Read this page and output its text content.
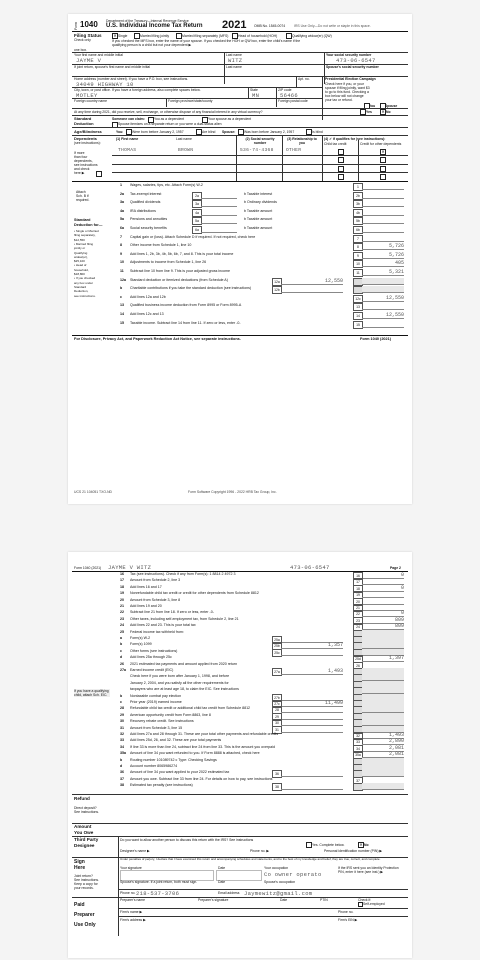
Form 1040 Department of the Treasury—Internal Revenue Service
U.S. Individual Income Tax Return 2021 OMB No. 1545-0074	IRS Use Only—Do not write or staple in this space.
Filing Status
Check only
one box.
✕ Single	Married filing jointly	Married filing separately (MFS)	Head of household (HOH)	Qualifying widow(er) (QW)
If you checked the MFS box, enter the name of your spouse. If you checked the HOH or QW box, enter the child's name if the
qualifying person is a child but not your dependent ▶
Your first name and middle initial	Last name	Your social security number
JAYME V	WITZ	473-06-6547
If joint return, spouse's first name and middle initial	Last name	Spouse's social security number
Home address (number and street). If you have a P.O. box, see instructions.	Apt. no.
34049 HIGHWAY 10
City, town, or post office. If you have a foreign address, also complete spaces below.	State	ZIP code
MOTLEY	MN	56466
Foreign country name	Foreign province/state/county	Foreign postal code
Presidential Election Campaign
Check here if you, or your
spouse if filing jointly, want $3
to go to this fund. Checking a
box below will not change
your tax or refund.
You	Spouse
At any time during 2021, did you receive, sell, exchange, or otherwise dispose of any financial interest in any virtual currency?	Yes	✕ No
Standard
Deduction
Someone can claim:	You as a dependent	Your spouse as a dependent
Spouse itemizes on a separate return or you were a dual-status alien
Age/Blindness	You:	Were born before January 2, 1957	Are blind Spouse:	Was born before January 2, 1957	Is blind
Dependents
(see instructions):
(1) First name	Last name	(2) Social security number
(3) Relationship to you
(4) ✓ if qualifies for (see instructions):
Child tax credit	Credit for other dependents
THOMAS	BROWN	536-74-4368	OTHER	✕
If more
than four
dependents,
see instructions
and check
here ▶
1 Wages, salaries, tips, etc. Attach Form(s) W-2	1
2a Tax-exempt interest	2a	b Taxable interest	2b
3a Qualified dividends	3a	b Ordinary dividends	3b
4a IRA distributions	4a	b Taxable amount	4b
5a Pensions and annuities	5a	b Taxable amount	5b
6a Social security benefits	6a	b Taxable amount	6b
7 Capital gain or (loss). Attach Schedule D if required. If not required, check here	7
8 Other income from Schedule 1, line 10	8	5,726
9 Add lines 1, 2b, 3b, 4b, 5b, 6b, 7, and 8. This is your total income	9	5,726
10 Adjustments to income from Schedule 1, line 26	10	405
11 Subtract line 10 from line 9. This is your adjusted gross income	11	5,321
12a Standard deduction or itemized deductions (from Schedule A)	12a	12,550
b Charitable contributions if you take the standard deduction (see instructions)	12b
c Add lines 12a and 12b	12c	12,550
13 Qualified business income deduction from Form 8995 or Form 8995-A	13
14 Add lines 12c and 13	14	12,550
15 Taxable income. Subtract line 14 from line 11. If zero or less, enter -0-	15
Attach
Sch. B if
required.
Standard
Deduction for—
• Single or Married
filing separately,
$12,550
• Married filing
jointly or
Qualifying
widow(er),
$25,100
• Head of
household,
$18,800
• If you checked
any box under
Standard
Deduction,
see instructions.
For Disclosure, Privacy Act, and Paperwork Reduction Act Notice, see separate instructions.	Form 1040 (2021)
UCS 21 104051 TXO-ND	Form Software Copyright 1996 - 2022 HRB Tax Group, Inc.
Form 1040 (2021) JAYME V WITZ	473-06-6547	Page 2
16 Tax (see instructions). Check if any from Form(s): 1 8814 2 4972 3	16	0
17 Amount from Schedule 2, line 3	17
18 Add lines 16 and 17	18	0
19 Nonrefundable child tax credit or credit for other dependents from Schedule 8812	19
20 Amount from Schedule 3, line 8	20
21 Add lines 19 and 20	21
22 Subtract line 21 from line 18. If zero or less, enter -0-	22	0
23 Other taxes, including self-employment tax, from Schedule 2, line 21	23	809
24 Add lines 22 and 23. This is your total tax	24	809
25 Federal income tax withheld from:
a Form(s) W-2	25a
b Form(s) 1099	25b	1,357
c Other forms (see instructions)	25c
d Add lines 25a through 25c	25d	1,397
26 2021 estimated tax payments and amount applied from 2020 return	26
27a Earned income credit (EIC)	27a	1,493
Check here if you were born after January 1, 1998, and before
January 2, 2004, and you satisfy all the other requirements for
taxpayers who are at least age 18, to claim the EIC. See instructions
b Nontaxable combat pay election	27b
c Prior year (2019) earned income	27c	11,499
28 Refundable child tax credit or additional child tax credit from Schedule 8812	28
29 American opportunity credit from Form 8863, line 8	29
30 Recovery rebate credit. See instructions	30
31 Amount from Schedule 3, line 15	31
32 Add lines 27a and 28 through 31. These are your total other payments and refundable credits	32	1,493
33 Add lines 25d, 26, and 32. These are your total payments	33	2,890
34 If line 33 is more than line 24, subtract line 24 from line 33. This is the amount you overpaid	34	2,081
35a Amount of line 34 you want refunded to you. If Form 8888 is attached, check here	35a	2,081
b Routing number 101089742 c Type: Checking Savings
d Account number 8065986274
36 Amount of line 34 you want applied to your 2022 estimated tax	36
37 Amount you owe. Subtract line 33 from line 24. For details on how to pay, see instructions	37
38 Estimated tax penalty (see instructions)	38
If you have a qualifying child, attach Sch. EIC.
Refund
Direct deposit?
See instructions.
Amount
You Owe
Third Party
Designee
Do you want to allow another person to discuss this return with the IRS? See instructions
Yes. Complete below.	✕ No
Designee's name ▶	Phone no. ▶	Personal identification number (PIN) ▶
Sign
Here
Joint return?
See instructions.
Keep a copy for
your records.
Under penalties of perjury, I declare that I have examined this return and accompanying schedules and statements, and to the best of my knowledge and belief, they are true, correct, and complete.
Your signature	Date	Your occupation
Co owner operato
If the IRS sent you an Identity Protection PIN, enter it here (see inst.) ▶
Spouse's signature. If a joint return, both must sign.	Date	Spouse's occupation
Phone no. 218-537-3706	Email address Jaymewitz@gmail.com
Paid
Preparer
Use Only
Preparer's name	Preparer's signature	Date	PTIN	Check if:
Self-employed
Firm's name ▶	Phone no.
Firm's address ▶	Firm's EIN ▶
